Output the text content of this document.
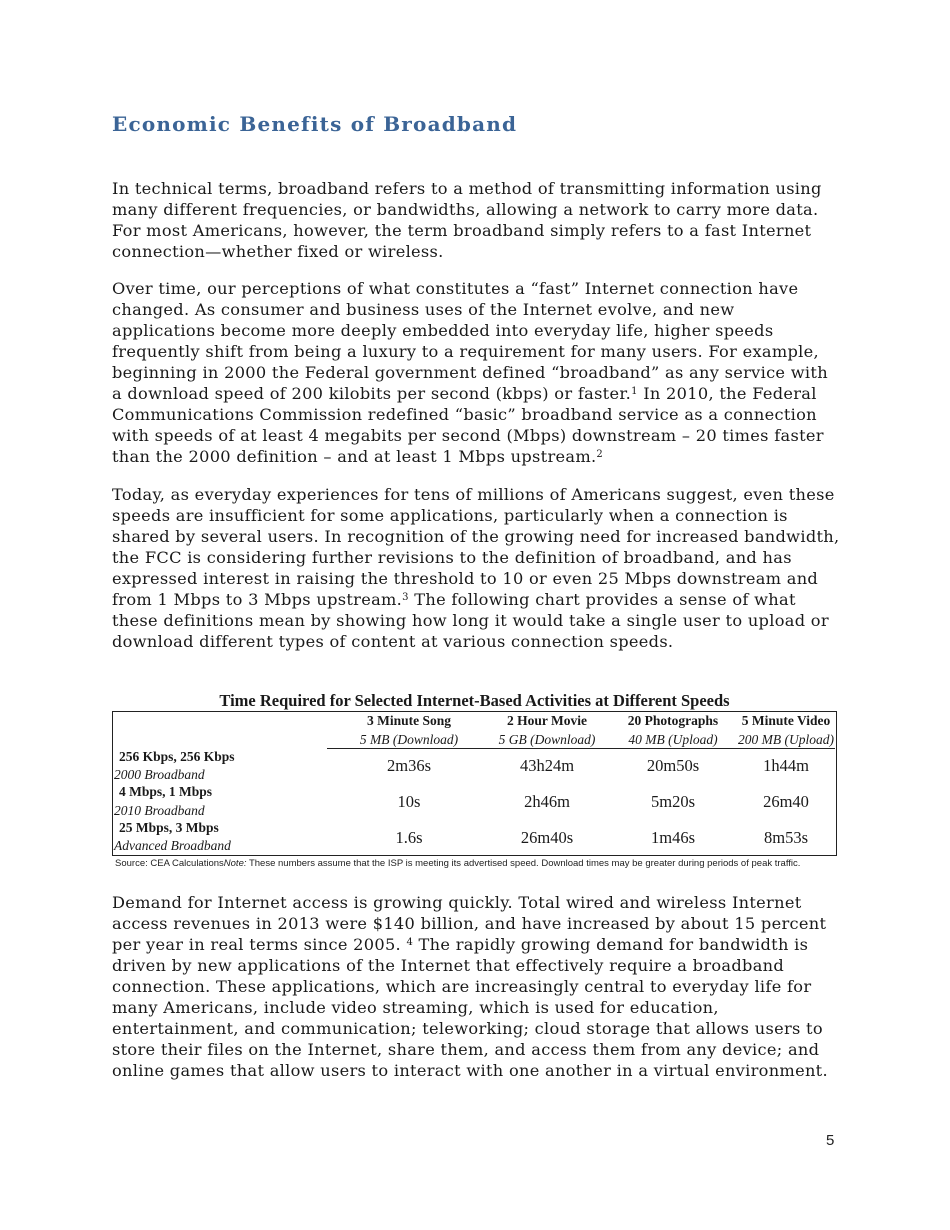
Economic Benefits of Broadband

In technical terms, broadband refers to a method of transmitting information using many different frequencies, or bandwidths, allowing a network to carry more data. For most Americans, however, the term broadband simply refers to a fast Internet connection—whether fixed or wireless.

Over time, our perceptions of what constitutes a “fast” Internet connection have changed. As consumer and business uses of the Internet evolve, and new applications become more deeply embedded into everyday life, higher speeds frequently shift from being a luxury to a requirement for many users. For example, beginning in 2000 the Federal government defined “broadband” as any service with a download speed of 200 kilobits per second (kbps) or faster.$^1$ In 2010, the Federal Communications Commission redefined “basic” broadband service as a connection with speeds of at least 4 megabits per second (Mbps) downstream – 20 times faster than the 2000 definition – and at least 1 Mbps upstream.$^2$

Today, as everyday experiences for tens of millions of Americans suggest, even these speeds are insufficient for some applications, particularly when a connection is shared by several users. In recognition of the growing need for increased bandwidth, the FCC is considering further revisions to the definition of broadband, and has expressed interest in raising the threshold to 10 or even 25 Mbps downstream and from 1 Mbps to 3 Mbps upstream.$^3$ The following chart provides a sense of what these definitions mean by showing how long it would take a single user to upload or download different types of content at various connection speeds.

Time Required for Selected Internet-Based Activities at Different Speeds
3 Minute Song	2 Hour Movie	20 Photographs	5 Minute Video
5 MB (Download)	5 GB (Download)	40 MB (Upload)	200 MB (Upload)
256 Kbps, 256 Kbps
2000 Broadband	2m36s	43h24m	20m50s	1h44m
4 Mbps, 1 Mbps
2010 Broadband	10s	2h46m	5m20s	26m40
25 Mbps, 3 Mbps
Advanced Broadband	1.6s	26m40s	1m46s	8m53s
Source: CEA CalculationsNote: These numbers assume that the ISP is meeting its advertised speed. Download times may be greater during periods of peak traffic.

Demand for Internet access is growing quickly. Total wired and wireless Internet access revenues in 2013 were $140 billion, and have increased by about 15 percent per year in real terms since 2005. $^4$ The rapidly growing demand for bandwidth is driven by new applications of the Internet that effectively require a broadband connection. These applications, which are increasingly central to everyday life for many Americans, include video streaming, which is used for education, entertainment, and communication; teleworking; cloud storage that allows users to store their files on the Internet, share them, and access them from any device; and online games that allow users to interact with one another in a virtual environment.

5
